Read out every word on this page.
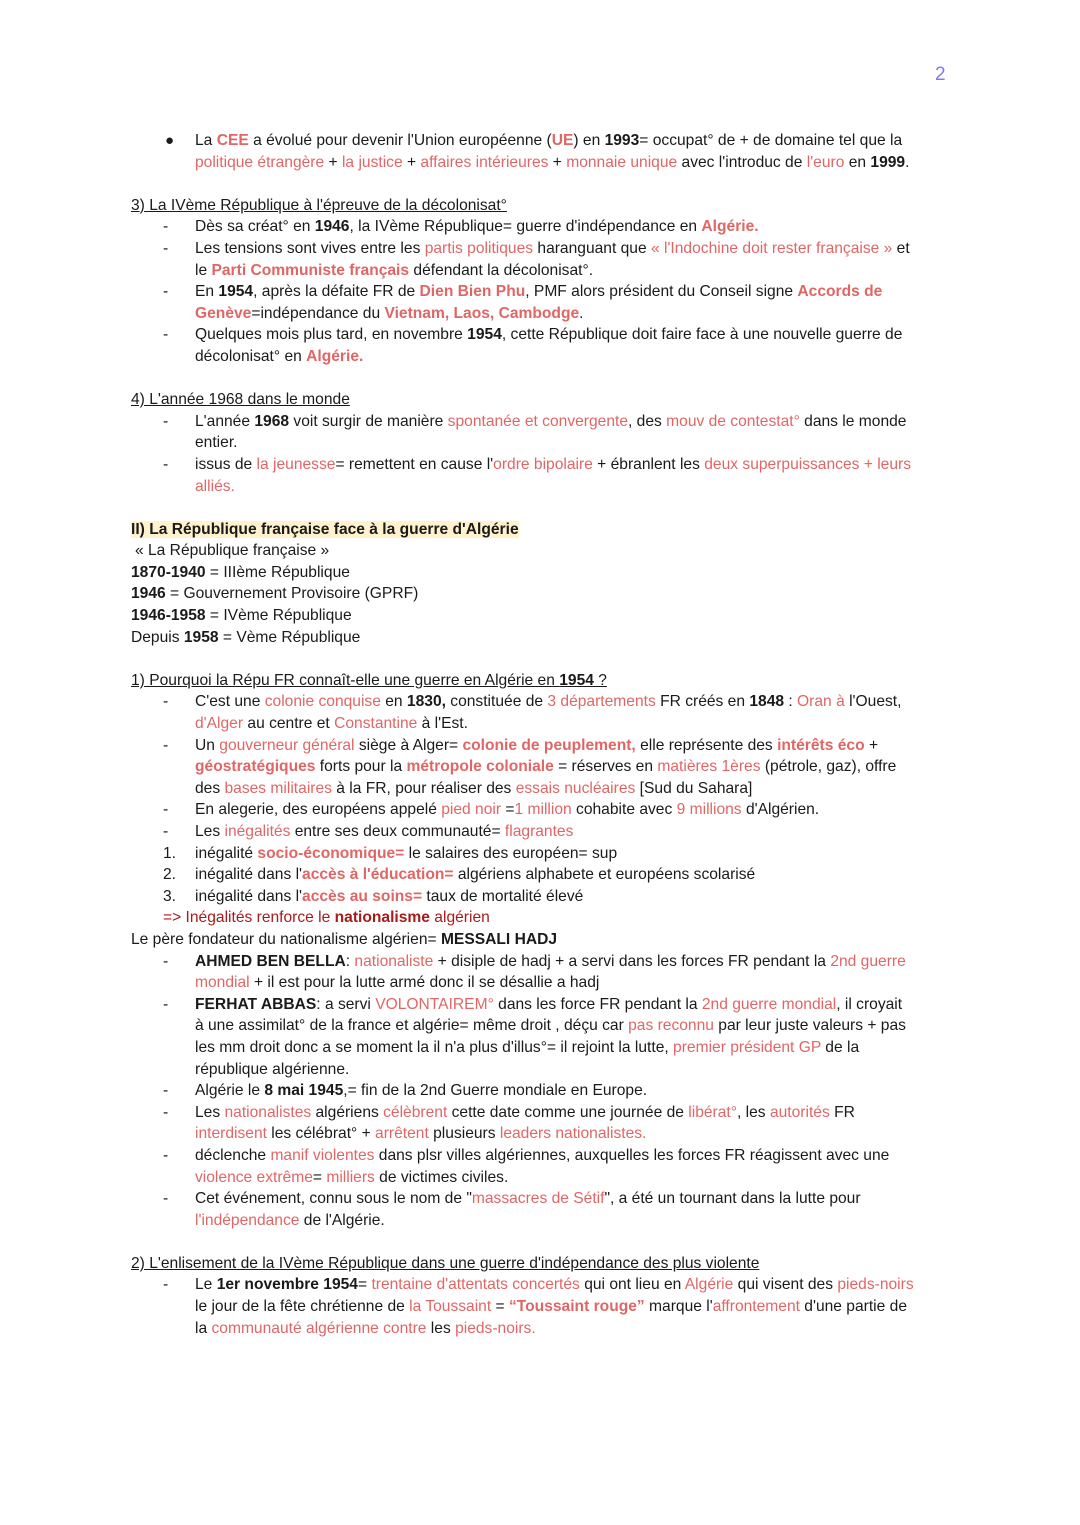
2
●	La CEE a évolué pour devenir l'Union européenne (UE) en 1993= occupat° de + de domaine tel que la

politique étrangère + la justice + affaires intérieures + monnaie unique avec l'introduc de l'euro en 1999.

3) La IVème République à l'épreuve de la décolonisat°

-	Dès sa créat° en 1946, la IVème République= guerre d'indépendance en Algérie.

-	Les tensions sont vives entre les partis politiques haranguant que « l'Indochine doit rester française » et

le Parti Communiste français défendant la décolonisat°.

-	En 1954, après la défaite FR de Dien Bien Phu, PMF alors président du Conseil signe Accords de

Genève=indépendance du Vietnam, Laos, Cambodge.

-	Quelques mois plus tard, en novembre 1954, cette République doit faire face à une nouvelle guerre de

décolonisat° en Algérie.

4) L'année 1968 dans le monde

-	L'année 1968 voit surgir de manière spontanée et convergente, des mouv de contestat° dans le monde

entier.

-	issus de la jeunesse= remettent en cause l'ordre bipolaire + ébranlent les deux superpuissances + leurs

alliés.

II) La République française face à la guerre d'Algérie

« La République française »

1870-1940 = IIIème République

1946 = Gouvernement Provisoire (GPRF)

1946-1958 = IVème République

Depuis 1958 = Vème République

1) Pourquoi la Répu FR connaît-elle une guerre en Algérie en 1954 ?

-	C'est une colonie conquise en 1830, constituée de 3 départements FR créés en 1848 : Oran à l'Ouest,

d'Alger au centre et Constantine à l'Est.

-	Un gouverneur général siège à Alger= colonie de peuplement, elle représente des intérêts éco +

géostratégiques forts pour la métropole coloniale = réserves en matières 1ères (pétrole, gaz), offre

des bases militaires à la FR, pour réaliser des essais nucléaires [Sud du Sahara]

-	En alegerie, des européens appelé pied noir =1 million cohabite avec 9 millions d'Algérien.

-	Les inégalités entre ses deux communauté= flagrantes

1.	inégalité socio-économique= le salaires des européen= sup

2.	inégalité dans l'accès à l'éducation= algériens alphabete et européens scolarisé

3.	inégalité dans l'accès au soins= taux de mortalité élevé

=> Inégalités renforce le nationalisme algérien

Le père fondateur du nationalisme algérien= MESSALI HADJ

-	AHMED BEN BELLA: nationaliste + disiple de hadj + a servi dans les forces FR pendant la 2nd guerre

mondial + il est pour la lutte armé donc il se désallie a hadj

-	FERHAT ABBAS: a servi VOLONTAIREM° dans les force FR pendant la 2nd guerre mondial, il croyait

à une assimilat° de la france et algérie= même droit , déçu car pas reconnu par leur juste valeurs + pas

les mm droit donc a se moment la il n'a plus d'illus°= il rejoint la lutte, premier président GP de la

république algérienne.

-	Algérie le 8 mai 1945,= fin de la 2nd Guerre mondiale en Europe.

-	Les nationalistes algériens célèbrent cette date comme une journée de libérat°, les autorités FR

interdisent les célébrat° + arrêtent plusieurs leaders nationalistes.

-	déclenche manif violentes dans plsr villes algériennes, auxquelles les forces FR réagissent avec une

violence extrême= milliers de victimes civiles.

-	Cet événement, connu sous le nom de "massacres de Sétif", a été un tournant dans la lutte pour

l'indépendance de l'Algérie.

2) L'enlisement de la IVème République dans une guerre d'indépendance des plus violente

-	Le 1er novembre 1954= trentaine d'attentats concertés qui ont lieu en Algérie qui visent des pieds-noirs

le jour de la fête chrétienne de la Toussaint = “Toussaint rouge” marque l'affrontement d'une partie de

la communauté algérienne contre les pieds-noirs.
